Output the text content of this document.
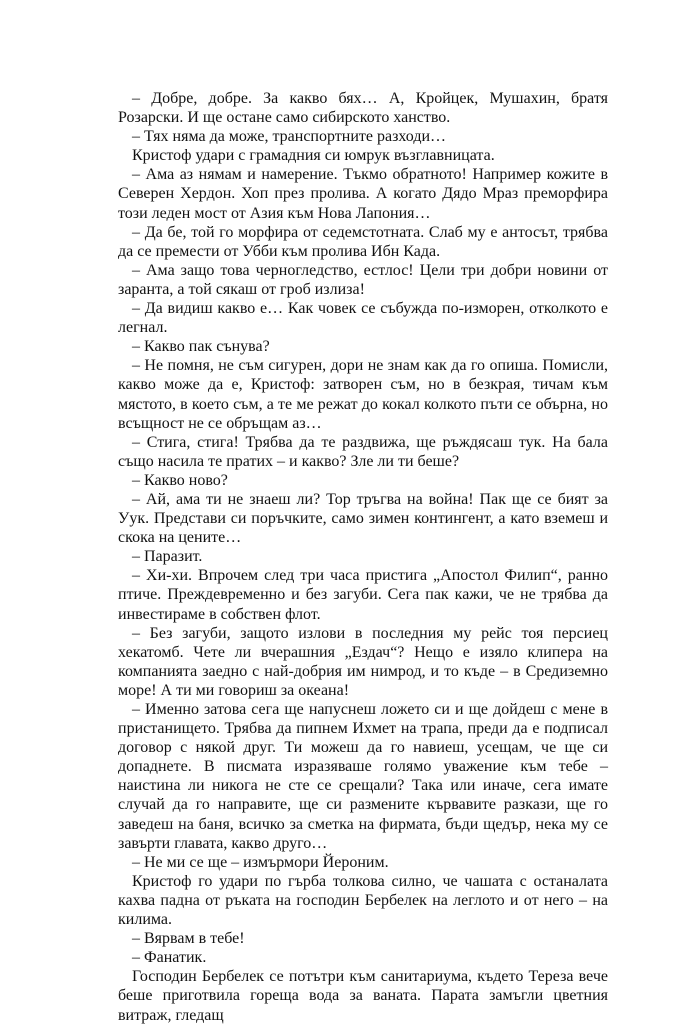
– Добре, добре. За какво бях… А, Кройцек, Мушахин, братя Розарски. И ще остане само сибирското ханство.

– Тях няма да може, транспортните разходи…

Кристоф удари с грамадния си юмрук възглавницата.

– Ама аз нямам и намерение. Тъкмо обратното! Например кожите в Северен Хердон. Хоп през пролива. А когато Дядо Мраз преморфира този леден мост от Азия към Нова Лапония…

– Да бе, той го морфира от седемстотната. Слаб му е антосът, трябва да се премести от Убби към пролива Ибн Када.

– Ама защо това черногледство, естлос! Цели три добри новини от заранта, а той сякаш от гроб излиза!

– Да видиш какво е… Как човек се събужда по-изморен, отколкото е легнал.

– Какво пак сънува?

– Не помня, не съм сигурен, дори не знам как да го опиша. Помисли, какво може да е, Кристоф: затворен съм, но в безкрая, тичам към мястото, в което съм, а те ме режат до кокал колкото пъти се обърна, но всъщност не се обръщам аз…

– Стига, стига! Трябва да те раздвижа, ще ръждясаш тук. На бала също насила те пратих – и какво? Зле ли ти беше?

– Какво ново?

– Ай, ама ти не знаеш ли? Тор тръгва на война! Пак ще се бият за Уук. Представи си поръчките, само зимен контингент, а като вземеш и скока на цените…

– Паразит.

– Хи-хи. Впрочем след три часа пристига „Апостол Филип“, ранно птиче. Преждевременно и без загуби. Сега пак кажи, че не трябва да инвестираме в собствен флот.

– Без загуби, защото излови в последния му рейс тоя персиец хекатомб. Чете ли вчерашния „Ездач“? Нещо е изяло клипера на компанията заедно с най-добрия им нимрод, и то къде – в Средиземно море! А ти ми говориш за океана!

– Именно затова сега ще напуснеш ложето си и ще дойдеш с мене в пристанището. Трябва да пипнем Ихмет на трапа, преди да е подписал договор с някой друг. Ти можеш да го навиеш, усещам, че ще си допаднете. В писмата изразяваше голямо уважение към тебе – наистина ли никога не сте се срещали? Така или иначе, сега имате случай да го направите, ще си размените кървавите разкази, ще го заведеш на баня, всичко за сметка на фирмата, бъди щедър, нека му се завърти главата, какво друго…

– Не ми се ще – измърмори Йероним.

Кристоф го удари по гърба толкова силно, че чашата с останалата кахва падна от ръката на господин Бербелек на леглото и от него – на килима.

– Вярвам в тебе!

– Фанатик.

Господин Бербелек се потътри към санитариума, където Тереза вече беше приготвила гореща вода за ваната. Парата замъгли цветния витраж, гледащ
